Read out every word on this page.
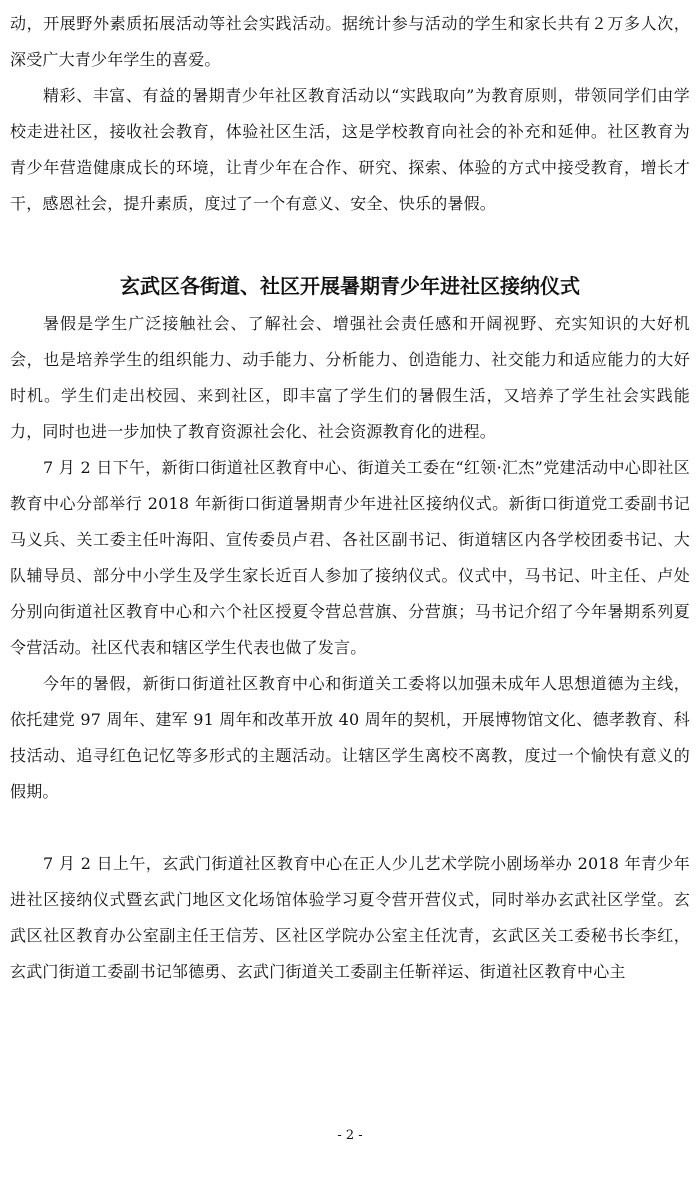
动，开展野外素质拓展活动等社会实践活动。据统计参与活动的学生和家长共有２万多人次，深受广大青少年学生的喜爱。

精彩、丰富、有益的暑期青少年社区教育活动以“实践取向”为教育原则，带领同学们由学校走进社区，接收社会教育，体验社区生活，这是学校教育向社会的补充和延伸。社区教育为青少年营造健康成长的环境，让青少年在合作、研究、探索、体验的方式中接受教育，增长才干，感恩社会，提升素质，度过了一个有意义、安全、快乐的暑假。

玄武区各街道、社区开展暑期青少年进社区接纳仪式

暑假是学生广泛接触社会、了解社会、增强社会责任感和开阔视野、充实知识的大好机会，也是培养学生的组织能力、动手能力、分析能力、创造能力、社交能力和适应能力的大好时机。学生们走出校园、来到社区，即丰富了学生们的暑假生活，又培养了学生社会实践能力，同时也进一步加快了教育资源社会化、社会资源教育化的进程。

7 月 2 日下午，新街口街道社区教育中心、街道关工委在“红领·汇杰”党建活动中心即社区教育中心分部举行 2018 年新街口街道暑期青少年进社区接纳仪式。新街口街道党工委副书记马义兵、关工委主任叶海阳、宣传委员卢君、各社区副书记、街道辖区内各学校团委书记、大队辅导员、部分中小学生及学生家长近百人参加了接纳仪式。仪式中，马书记、叶主任、卢处分别向街道社区教育中心和六个社区授夏令营总营旗、分营旗；马书记介绍了今年暑期系列夏令营活动。社区代表和辖区学生代表也做了发言。

今年的暑假，新街口街道社区教育中心和街道关工委将以加强未成年人思想道德为主线，依托建党 97 周年、建军 91 周年和改革开放 40 周年的契机，开展博物馆文化、德孝教育、科技活动、追寻红色记忆等多形式的主题活动。让辖区学生离校不离教，度过一个愉快有意义的假期。

7 月 2 日上午，玄武门街道社区教育中心在正人少儿艺术学院小剧场举办 2018 年青少年进社区接纳仪式暨玄武门地区文化场馆体验学习夏令营开营仪式，同时举办玄武社区学堂。玄武区社区教育办公室副主任王信芳、区社区学院办公室主任沈青，玄武区关工委秘书长李红，玄武门街道工委副书记邹德勇、玄武门街道关工委副主任靳祥运、街道社区教育中心主

- 2 -
